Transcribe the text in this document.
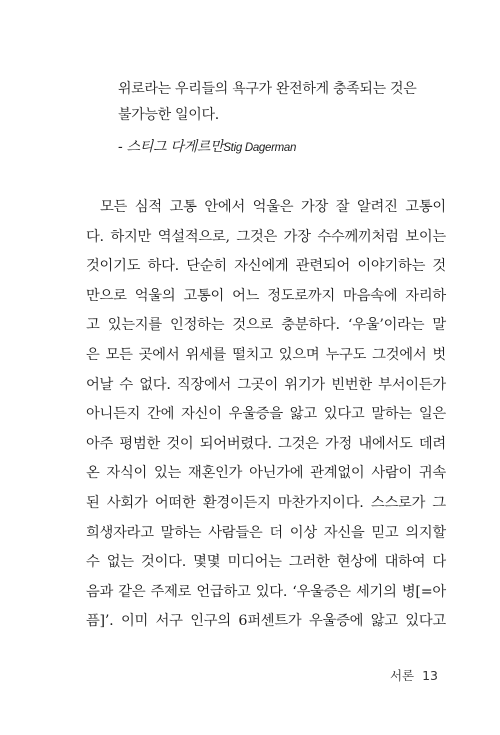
위로라는 우리들의 욕구가 완전하게 충족되는 것은
불가능한 일이다.
- 스티그 다게르만Stig Dagerman
모든 심적 고통 안에서 억울은 가장 잘 알려진 고통이
다. 하지만 역설적으로, 그것은 가장 수수께끼처럼 보이는
것이기도 하다. 단순히 자신에게 관련되어 이야기하는 것
만으로 억울의 고통이 어느 정도로까지 마음속에 자리하
고 있는지를 인정하는 것으로 충분하다. ‘우울’이라는 말
은 모든 곳에서 위세를 떨치고 있으며 누구도 그것에서 벗
어날 수 없다. 직장에서 그곳이 위기가 빈번한 부서이든가
아니든지 간에 자신이 우울증을 앓고 있다고 말하는 일은
아주 평범한 것이 되어버렸다. 그것은 가정 내에서도 데려
온 자식이 있는 재혼인가 아닌가에 관계없이 사람이 귀속
된 사회가 어떠한 환경이든지 마찬가지이다. 스스로가 그
희생자라고 말하는 사람들은 더 이상 자신을 믿고 의지할
수 없는 것이다. 몇몇 미디어는 그러한 현상에 대하여 다
음과 같은 주제로 언급하고 있다. ‘우울증은 세기의 병[=아
픔]’. 이미 서구 인구의 6퍼센트가 우울증에 앓고 있다고
서론 13
